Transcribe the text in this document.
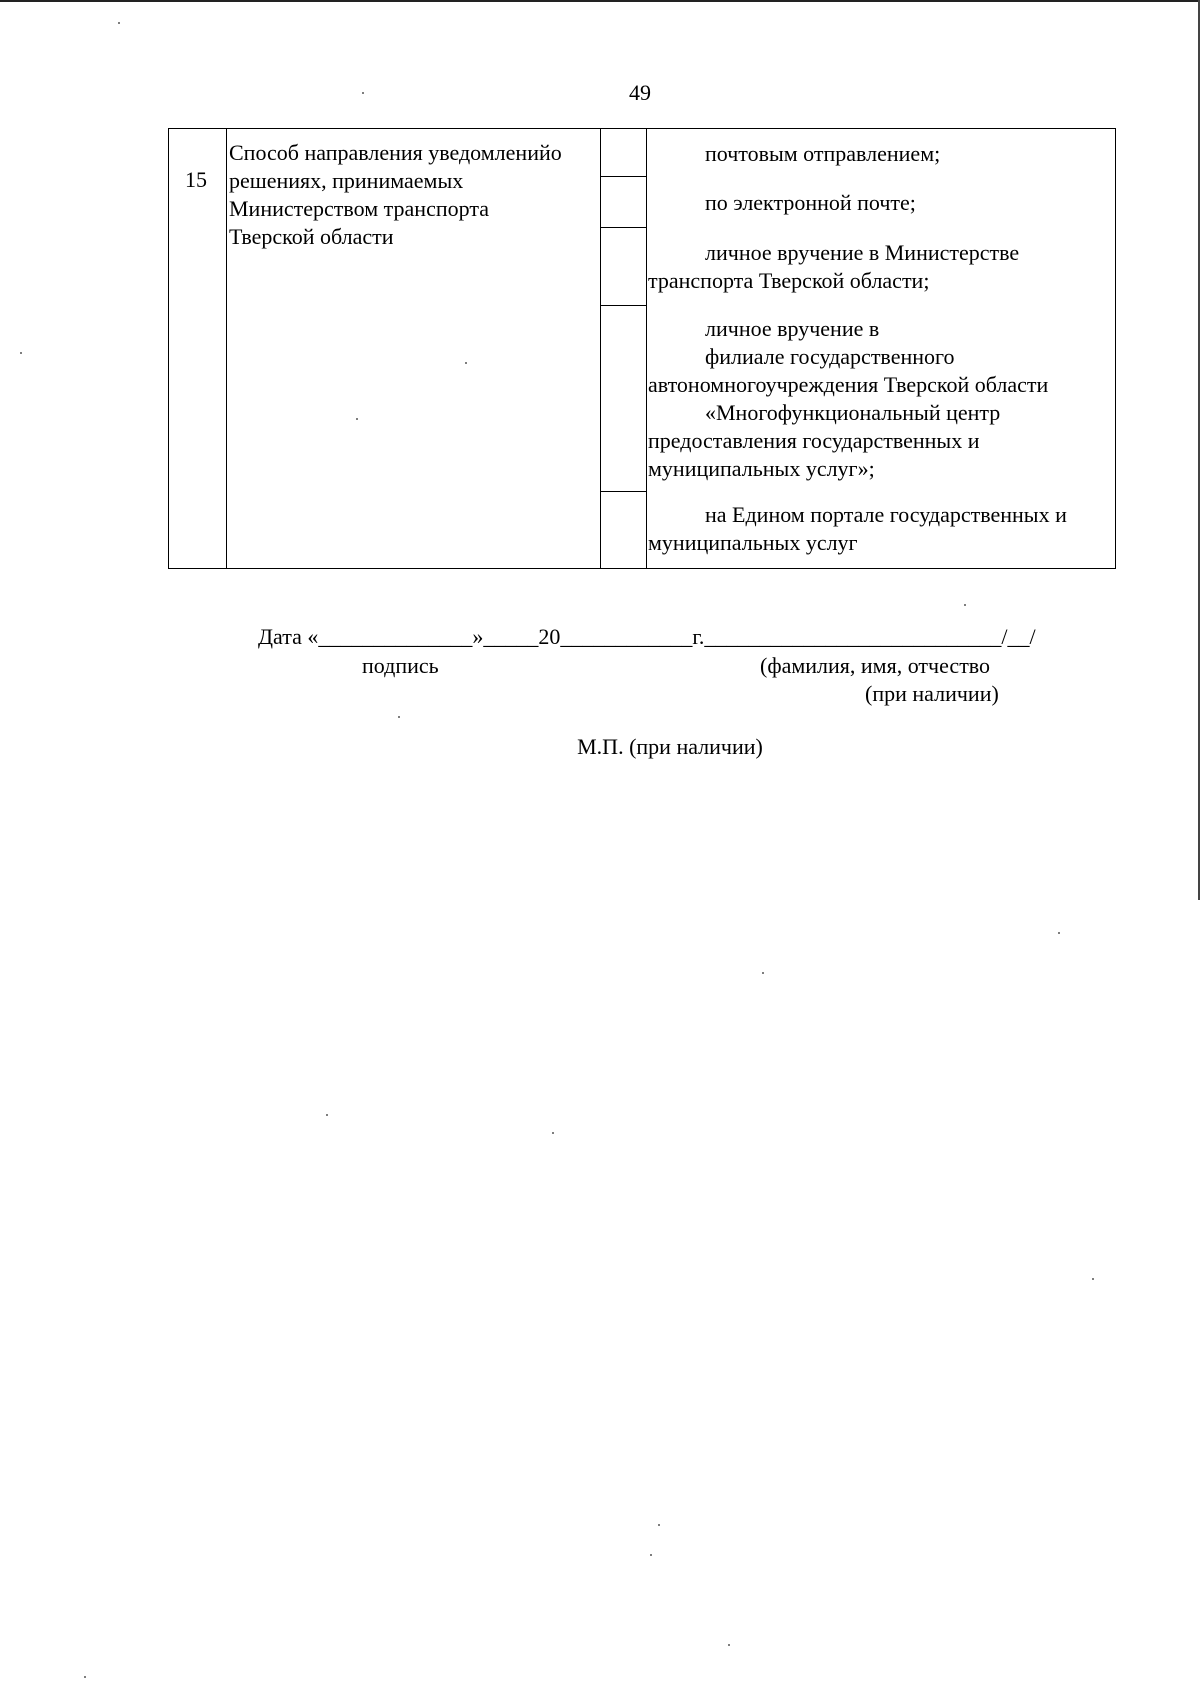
49
15
Способ направления уведомленийо
решениях, принимаемых
Министерством транспорта
Тверской области
почтовым отправлением;
по электронной почте;
личное вручение в Министерстве
транспорта Тверской области;
личное вручение в
филиале государственного
автономногоучреждения Тверской области
«Многофункциональный центр
предоставления государственных и
муниципальных услуг»;
на Едином портале государственных и
муниципальных услуг
Дата «______________»_____20____________г.___________________________/__/
подпись	(фамилия, имя, отчество
(при наличии)
М.П. (при наличии)
